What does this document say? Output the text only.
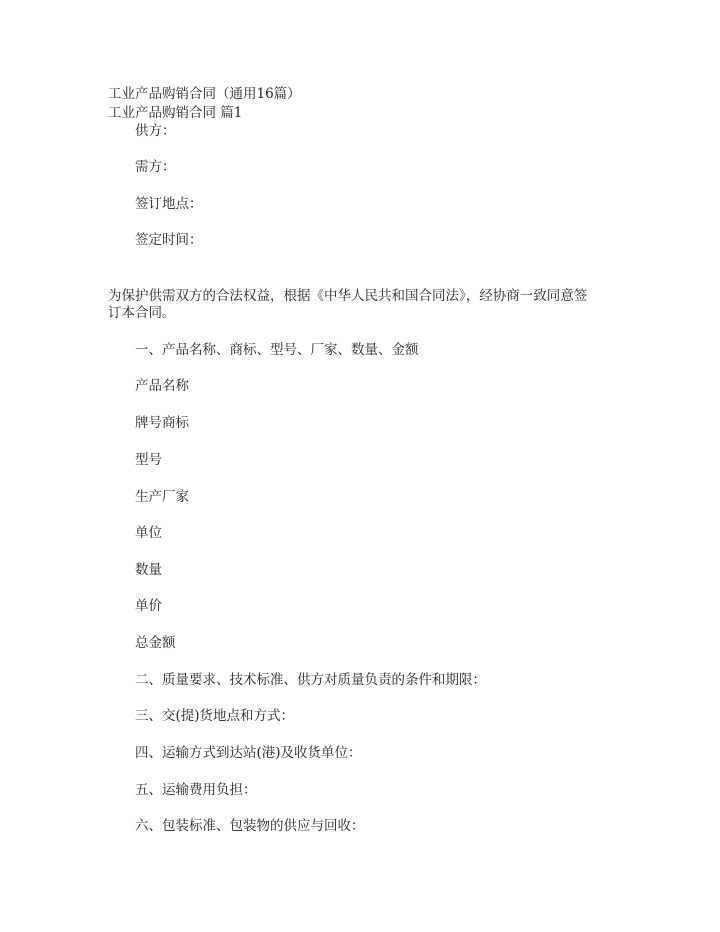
工业产品购销合同（通用16篇）
工业产品购销合同 篇1
供方：
需方：
签订地点：
签定时间：
为保护供需双方的合法权益，根据《中华人民共和国合同法》，经协商一致同意签
订本合同。
一、产品名称、商标、型号、厂家、数量、金额
产品名称
牌号商标
型号
生产厂家
单位
数量
单价
总金额
二、质量要求、技术标准、供方对质量负责的条件和期限：
三、交(提)货地点和方式：
四、运输方式到达站(港)及收货单位：
五、运输费用负担：
六、包装标准、包装物的供应与回收：
